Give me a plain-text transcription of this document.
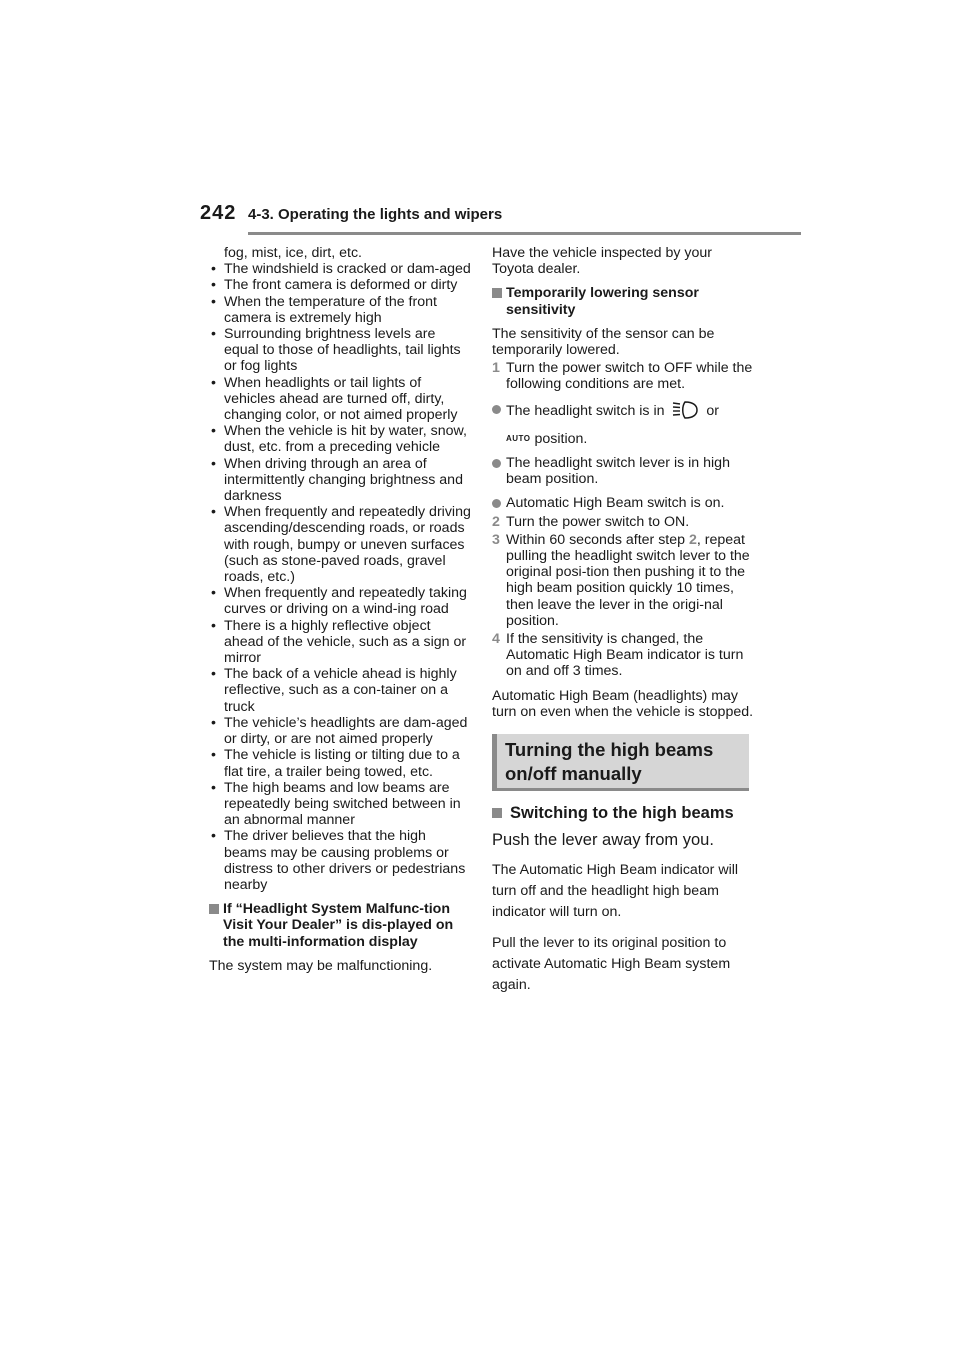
242 4-3. Operating the lights and wipers
fog, mist, ice, dirt, etc.
• The windshield is cracked or dam-aged
• The front camera is deformed or dirty
• When the temperature of the front camera is extremely high
• Surrounding brightness levels are equal to those of headlights, tail lights or fog lights
• When headlights or tail lights of vehicles ahead are turned off, dirty, changing color, or not aimed properly
• When the vehicle is hit by water, snow, dust, etc. from a preceding vehicle
• When driving through an area of intermittently changing brightness and darkness
• When frequently and repeatedly driving ascending/descending roads, or roads with rough, bumpy or uneven surfaces (such as stone-paved roads, gravel roads, etc.)
• When frequently and repeatedly taking curves or driving on a wind-ing road
• There is a highly reflective object ahead of the vehicle, such as a sign or mirror
• The back of a vehicle ahead is highly reflective, such as a con-tainer on a truck
• The vehicle’s headlights are dam-aged or dirty, or are not aimed properly
• The vehicle is listing or tilting due to a flat tire, a trailer being towed, etc.
• The high beams and low beams are repeatedly being switched between in an abnormal manner
• The driver believes that the high beams may be causing problems or distress to other drivers or pedestrians nearby
If “Headlight System Malfunc-tion Visit Your Dealer” is dis-played on the multi-information display
The system may be malfunctioning.
Have the vehicle inspected by your Toyota dealer.
Temporarily lowering sensor sensitivity
The sensitivity of the sensor can be temporarily lowered.
1 Turn the power switch to OFF while the following conditions are met.
The headlight switch is in	or
AUTO position.
The headlight switch lever is in high beam position.
Automatic High Beam switch is on.
2 Turn the power switch to ON.
3 Within 60 seconds after step 2, repeat pulling the headlight switch lever to the original posi-tion then pushing it to the high beam position quickly 10 times, then leave the lever in the origi-nal position.
4 If the sensitivity is changed, the Automatic High Beam indicator is turn on and off 3 times.
Automatic High Beam (headlights) may turn on even when the vehicle is stopped.
Turning the high beams on/off manually
Switching to the high beams
Push the lever away from you.
The Automatic High Beam indicator will turn off and the headlight high beam indicator will turn on.
Pull the lever to its original position to activate Automatic High Beam system again.
